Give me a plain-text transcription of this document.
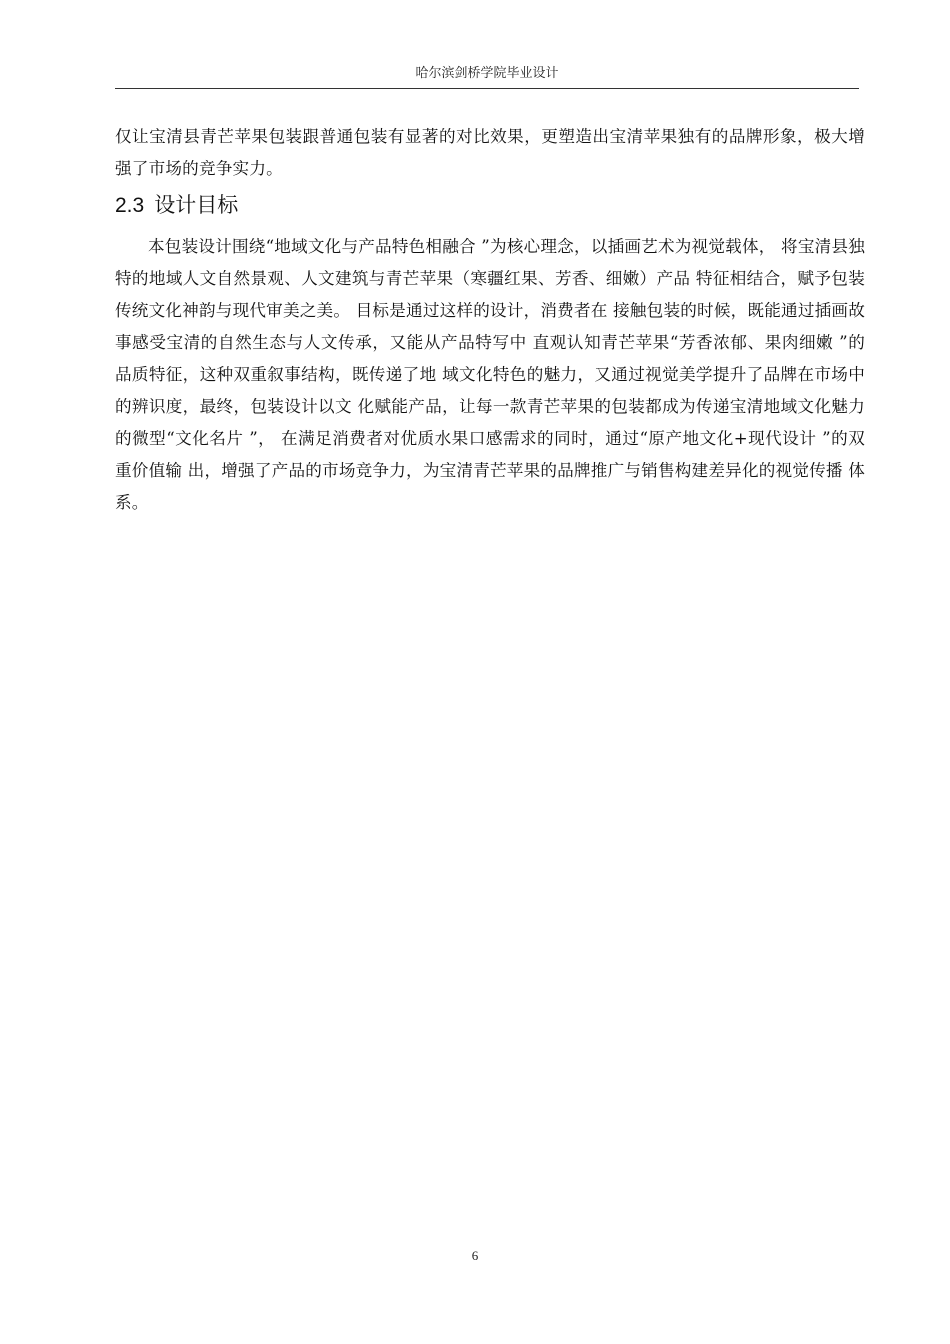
哈尔滨剑桥学院毕业设计

仅让宝清县青芒苹果包装跟普通包装有显著的对比效果，更塑造出宝清苹果独有的品牌形象，极大增强了市场的竞争实力。

2.3 设计目标

本包装设计围绕“地域文化与产品特色相融合 ”为核心理念，以插画艺术为视觉载体， 将宝清县独特的地域人文自然景观、人文建筑与青芒苹果（寒疆红果、芳香、细嫩）产品 特征相结合，赋予包装传统文化神韵与现代审美之美。 目标是通过这样的设计，消费者在 接触包装的时候，既能通过插画故事感受宝清的自然生态与人文传承，又能从产品特写中 直观认知青芒苹果“芳香浓郁、果肉细嫩 ”的品质特征，这种双重叙事结构，既传递了地 域文化特色的魅力，又通过视觉美学提升了品牌在市场中的辨识度，最终，包装设计以文 化赋能产品，让每一款青芒苹果的包装都成为传递宝清地域文化魅力的微型“文化名片 ”， 在满足消费者对优质水果口感需求的同时，通过“原产地文化+现代设计 ”的双重价值输 出，增强了产品的市场竞争力，为宝清青芒苹果的品牌推广与销售构建差异化的视觉传播 体系。

6
